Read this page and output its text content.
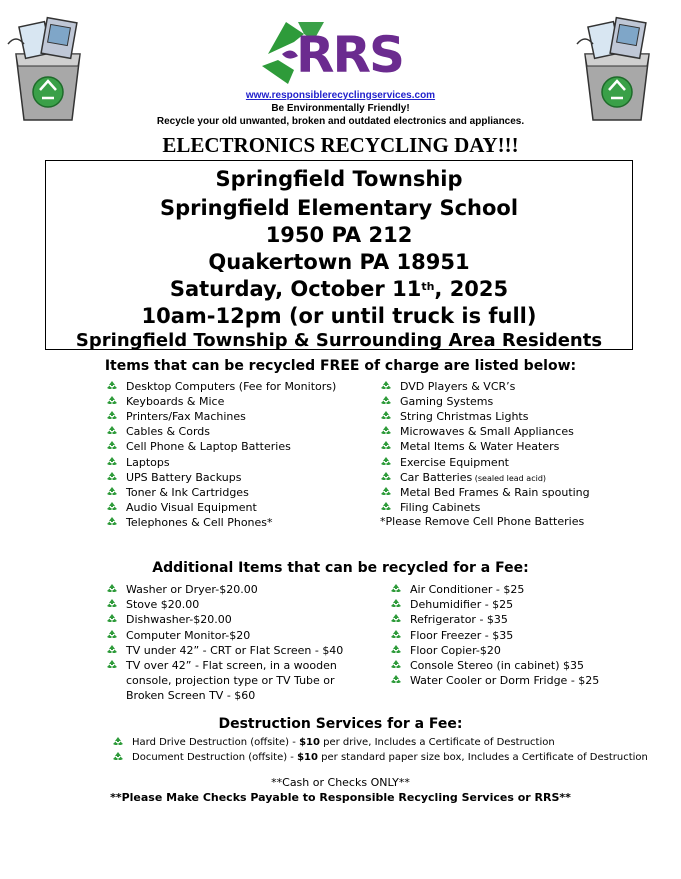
RRS
www.responsiblerecyclingservices.com
Be Environmentally Friendly!
Recycle your old unwanted, broken and outdated electronics and appliances.
ELECTRONICS RECYCLING DAY!!!
Springfield Township
Springfield Elementary School
1950 PA 212
Quakertown PA 18951
Saturday, October 11th, 2025
10am-12pm (or until truck is full)
Springfield Township & Surrounding Area Residents
Items that can be recycled FREE of charge are listed below:
Desktop Computers (Fee for Monitors)
Keyboards & Mice
Printers/Fax Machines
Cables & Cords
Cell Phone & Laptop Batteries
Laptops
UPS Battery Backups
Toner & Ink Cartridges
Audio Visual Equipment
Telephones & Cell Phones*
DVD Players & VCR’s
Gaming Systems
String Christmas Lights
Microwaves & Small Appliances
Metal Items & Water Heaters
Exercise Equipment
Car Batteries (sealed lead acid)
Metal Bed Frames & Rain spouting
Filing Cabinets
*Please Remove Cell Phone Batteries
Additional Items that can be recycled for a Fee:
Washer or Dryer-$20.00
Stove $20.00
Dishwasher-$20.00
Computer Monitor-$20
TV under 42” - CRT or Flat Screen - $40
TV over 42” - Flat screen, in a wooden console, projection type or TV Tube or Broken Screen TV - $60
Air Conditioner - $25
Dehumidifier - $25
Refrigerator - $35
Floor Freezer - $35
Floor Copier-$20
Console Stereo (in cabinet) $35
Water Cooler or Dorm Fridge - $25
Destruction Services for a Fee:
Hard Drive Destruction (offsite) - $10 per drive, Includes a Certificate of Destruction
Document Destruction (offsite) - $10 per standard paper size box, Includes a Certificate of Destruction
**Cash or Checks ONLY**
**Please Make Checks Payable to Responsible Recycling Services or RRS**
